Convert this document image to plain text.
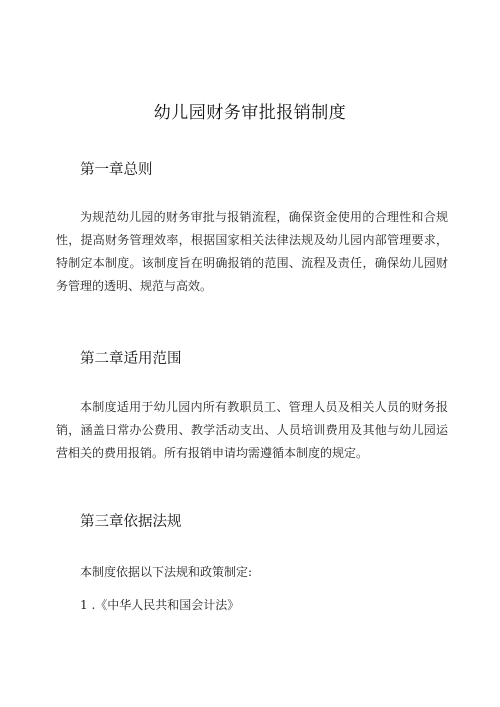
幼儿园财务审批报销制度
第一章总则
为规范幼儿园的财务审批与报销流程，确保资金使用的合理性和合规性，提高财务管理效率，根据国家相关法律法规及幼儿园内部管理要求，特制定本制度。该制度旨在明确报销的范围、流程及责任，确保幼儿园财务管理的透明、规范与高效。
第二章适用范围
本制度适用于幼儿园内所有教职员工、管理人员及相关人员的财务报销，涵盖日常办公费用、教学活动支出、人员培训费用及其他与幼儿园运营相关的费用报销。所有报销申请均需遵循本制度的规定。
第三章依据法规
本制度依据以下法规和政策制定:
1 .《中华人民共和国会计法》
